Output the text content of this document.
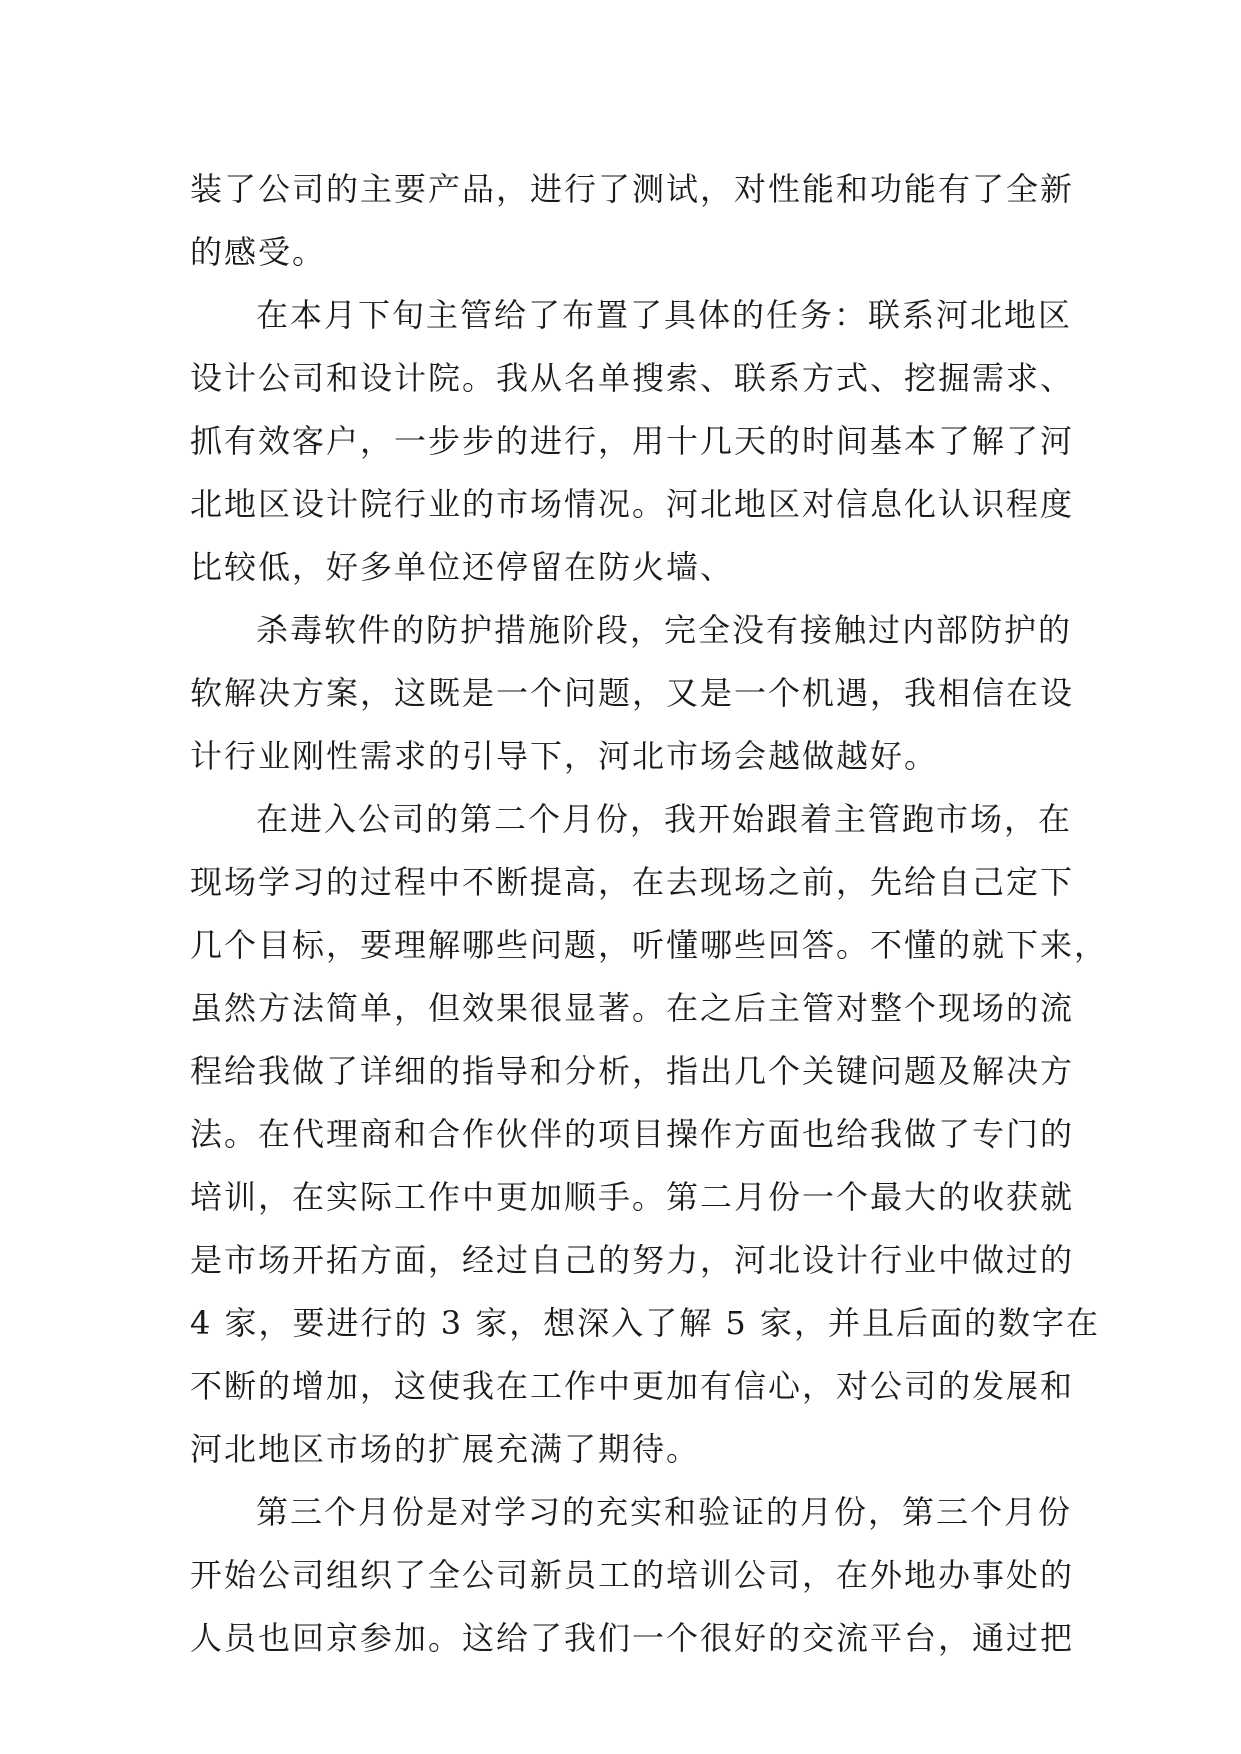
装了公司的主要产品，进行了测试，对性能和功能有了全新
的感受。
在本月下旬主管给了布置了具体的任务：联系河北地区
设计公司和设计院。我从名单搜索、联系方式、挖掘需求、
抓有效客户，一步步的进行，用十几天的时间基本了解了河
北地区设计院行业的市场情况。河北地区对信息化认识程度
比较低，好多单位还停留在防火墙、
杀毒软件的防护措施阶段，完全没有接触过内部防护的
软解决方案，这既是一个问题，又是一个机遇，我相信在设
计行业刚性需求的引导下，河北市场会越做越好。
在进入公司的第二个月份，我开始跟着主管跑市场，在
现场学习的过程中不断提高，在去现场之前，先给自己定下
几个目标，要理解哪些问题，听懂哪些回答。不懂的就下来，
虽然方法简单，但效果很显著。在之后主管对整个现场的流
程给我做了详细的指导和分析，指出几个关键问题及解决方
法。在代理商和合作伙伴的项目操作方面也给我做了专门的
培训，在实际工作中更加顺手。第二月份一个最大的收获就
是市场开拓方面，经过自己的努力，河北设计行业中做过的
4 家，要进行的 3 家，想深入了解 5 家，并且后面的数字在
不断的增加，这使我在工作中更加有信心，对公司的发展和
河北地区市场的扩展充满了期待。
第三个月份是对学习的充实和验证的月份，第三个月份
开始公司组织了全公司新员工的培训公司，在外地办事处的
人员也回京参加。这给了我们一个很好的交流平台，通过把
